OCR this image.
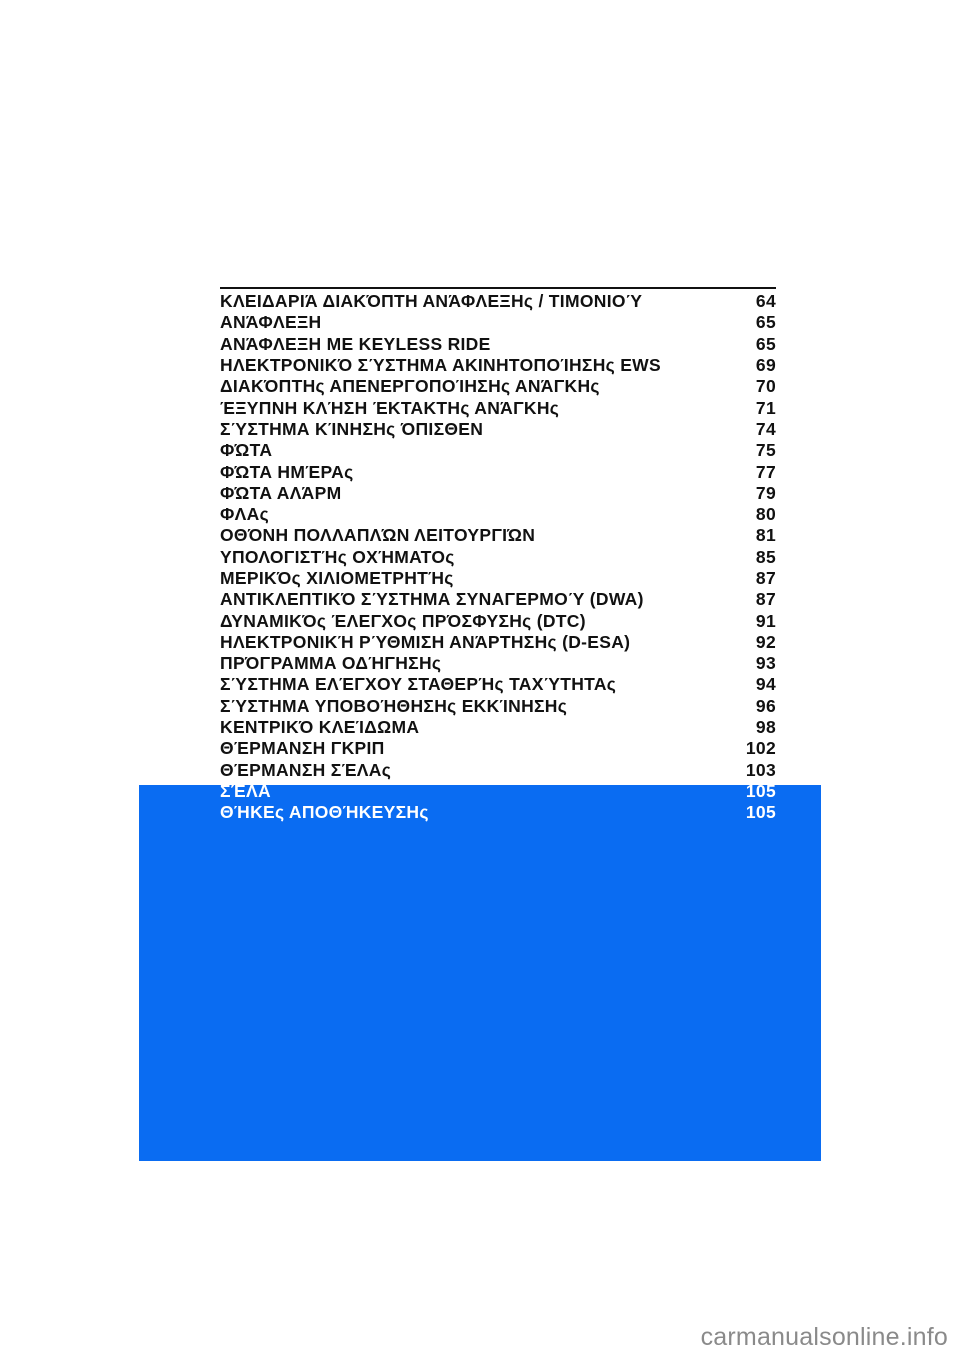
ΚΛΕΙΔΑΡΙΆ ΔΙΑΚΌΠΤΗ ΑΝΆΦΛΕΞΗς / ΤΙΜΟΝΙΟΎ	64
ΑΝΆΦΛΕΞΗ	65
ΑΝΆΦΛΕΞΗ ΜΕ KEYLESS RIDE	65
ΗΛΕΚΤΡΟΝΙΚΌ ΣΎΣΤΗΜΑ ΑΚΙΝΗΤΟΠΟΊΗΣΗς EWS	69
ΔΙΑΚΌΠΤΗς ΑΠΕΝΕΡΓΟΠΟΊΗΣΗς ΑΝΆΓΚΗς	70
ΈΞΥΠΝΗ ΚΛΉΣΗ ΈΚΤΑΚΤΗς ΑΝΆΓΚΗς	71
ΣΎΣΤΗΜΑ ΚΊΝΗΣΗς ΌΠΙΣΘΕΝ	74
ΦΏΤΑ	75
ΦΏΤΑ ΗΜΈΡΑς	77
ΦΏΤΑ ΑΛΆΡΜ	79
ΦΛΑς	80
ΟΘΌΝΗ ΠΟΛΛΑΠΛΏΝ ΛΕΙΤΟΥΡΓΙΏΝ	81
ΥΠΟΛΟΓΙΣΤΉς ΟΧΉΜΑΤΟς	85
ΜΕΡΙΚΌς ΧΙΛΙΟΜΕΤΡΗΤΉς	87
ΑΝΤΙΚΛΕΠΤΙΚΌ ΣΎΣΤΗΜΑ ΣΥΝΑΓΕΡΜΟΎ (DWA)	87
ΔΥΝΑΜΙΚΌς ΈΛΕΓΧΟς ΠΡΌΣΦΥΣΗς (DTC)	91
ΗΛΕΚΤΡΟΝΙΚΉ ΡΎΘΜΙΣΗ ΑΝΆΡΤΗΣΗς (D-ESA)	92
ΠΡΌΓΡΑΜΜΑ ΟΔΉΓΗΣΗς	93
ΣΎΣΤΗΜΑ ΕΛΈΓΧΟΥ ΣΤΑΘΕΡΉς ΤΑΧΎΤΗΤΑς	94
ΣΎΣΤΗΜΑ ΥΠΟΒΟΉΘΗΣΗς ΕΚΚΊΝΗΣΗς	96
ΚΕΝΤΡΙΚΌ ΚΛΕΊΔΩΜΑ	98
ΘΈΡΜΑΝΣΗ ΓΚΡΙΠ	102
ΘΈΡΜΑΝΣΗ ΣΈΛΑς	103
ΣΈΛΑ	105
ΘΉΚΕς ΑΠΟΘΉΚΕΥΣΗς	105
carmanualsonline.info
